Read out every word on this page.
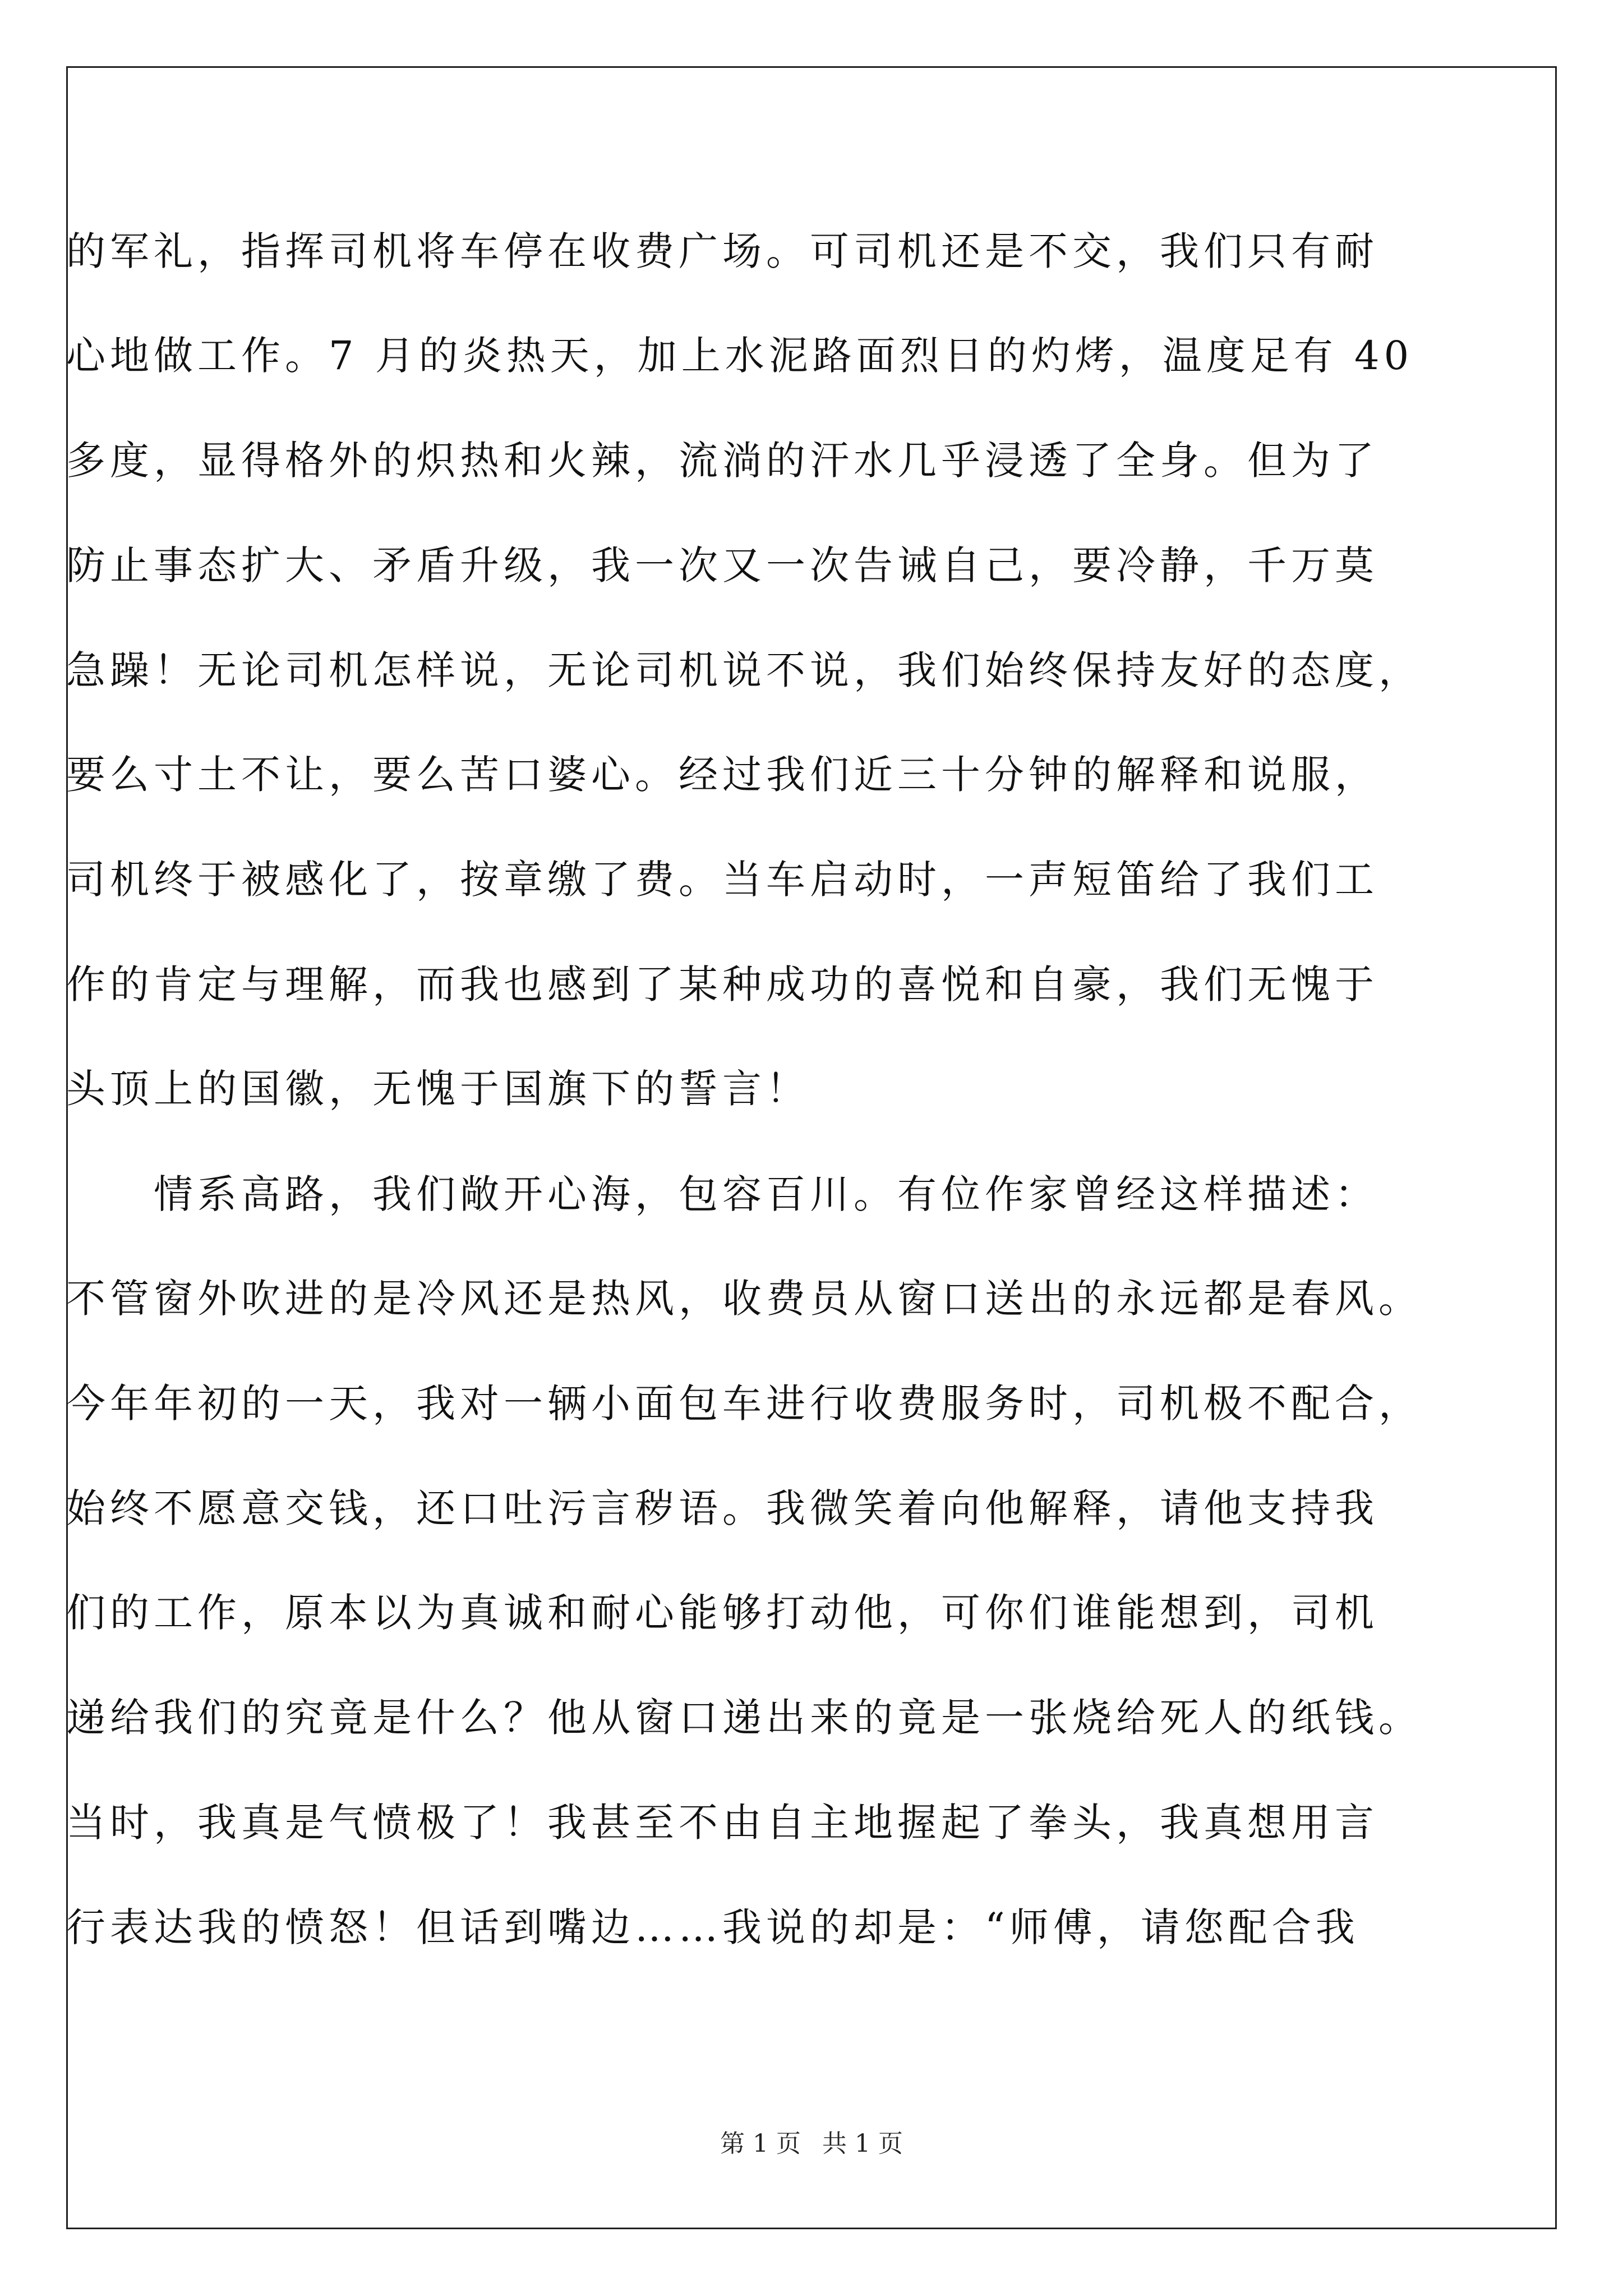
的军礼，指挥司机将车停在收费广场。可司机还是不交，我们只有耐
心地做工作。7 月的炎热天，加上水泥路面烈日的灼烤，温度足有 40
多度，显得格外的炽热和火辣，流淌的汗水几乎浸透了全身。但为了
防止事态扩大、矛盾升级，我一次又一次告诫自己，要冷静，千万莫
急躁！无论司机怎样说，无论司机说不说，我们始终保持友好的态度，
要么寸土不让，要么苦口婆心。经过我们近三十分钟的解释和说服，
司机终于被感化了，按章缴了费。当车启动时，一声短笛给了我们工
作的肯定与理解，而我也感到了某种成功的喜悦和自豪，我们无愧于
头顶上的国徽，无愧于国旗下的誓言！
　　情系高路，我们敞开心海，包容百川。有位作家曾经这样描述：
不管窗外吹进的是冷风还是热风，收费员从窗口送出的永远都是春风。
今年年初的一天，我对一辆小面包车进行收费服务时，司机极不配合，
始终不愿意交钱，还口吐污言秽语。我微笑着向他解释，请他支持我
们的工作，原本以为真诚和耐心能够打动他，可你们谁能想到，司机
递给我们的究竟是什么？他从窗口递出来的竟是一张烧给死人的纸钱。
当时，我真是气愤极了！我甚至不由自主地握起了拳头，我真想用言
行表达我的愤怒！但话到嘴边……我说的却是：“师傅，请您配合我
第 1 页 共 1 页
